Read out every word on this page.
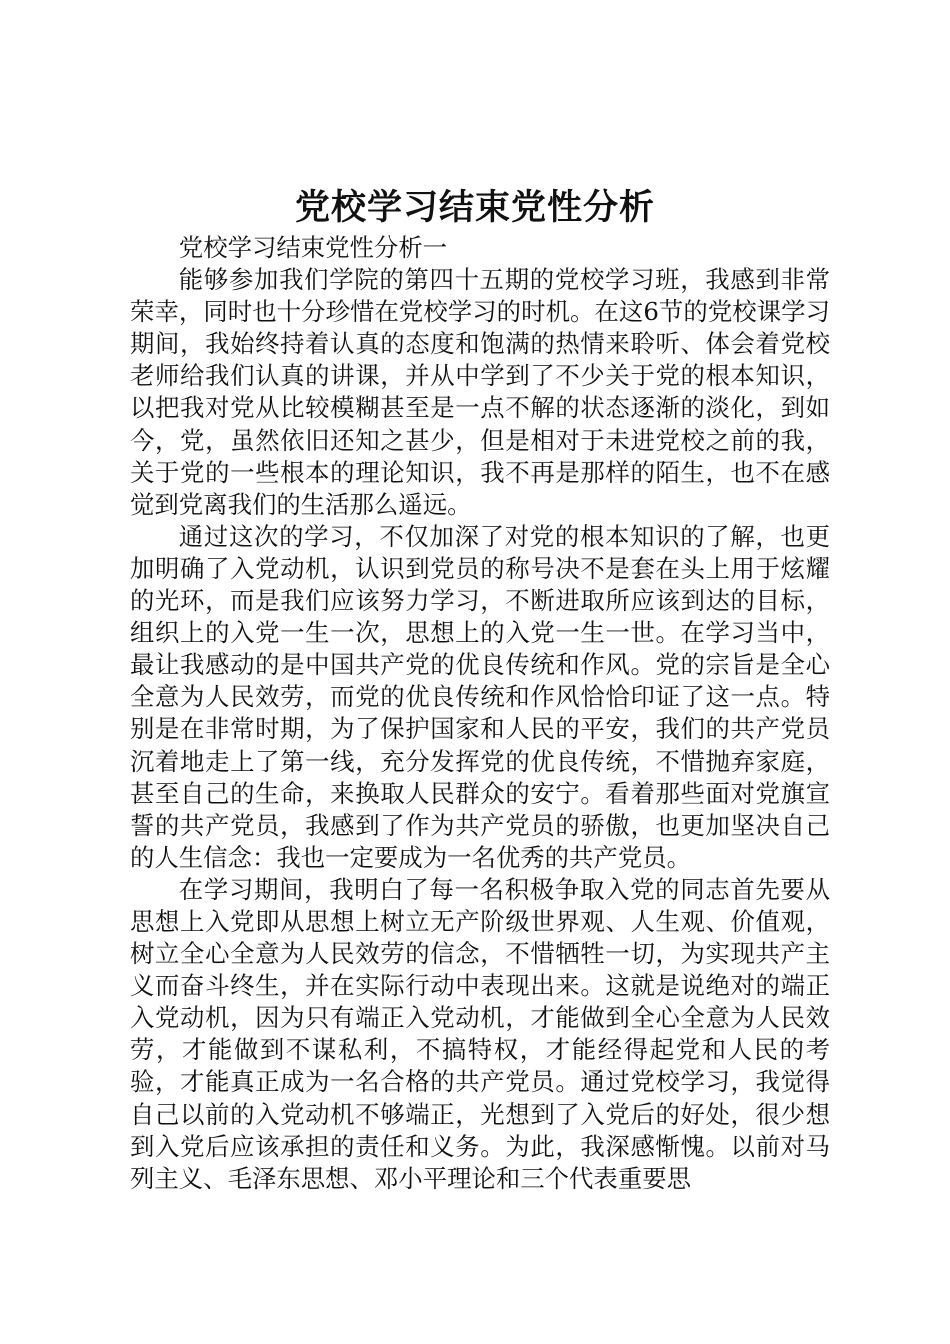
党校学习结束党性分析

党校学习结束党性分析一

能够参加我们学院的第四十五期的党校学习班，我感到非常荣幸，同时也十分珍惜在党校学习的时机。在这6节的党校课学习期间，我始终持着认真的态度和饱满的热情来聆听、体会着党校老师给我们认真的讲课，并从中学到了不少关于党的根本知识，以把我对党从比较模糊甚至是一点不解的状态逐渐的淡化，到如今，党，虽然依旧还知之甚少，但是相对于未进党校之前的我，关于党的一些根本的理论知识，我不再是那样的陌生，也不在感觉到党离我们的生活那么遥远。

通过这次的学习，不仅加深了对党的根本知识的了解，也更加明确了入党动机，认识到党员的称号决不是套在头上用于炫耀的光环，而是我们应该努力学习，不断进取所应该到达的目标，组织上的入党一生一次，思想上的入党一生一世。在学习当中，最让我感动的是中国共产党的优良传统和作风。党的宗旨是全心全意为人民效劳，而党的优良传统和作风恰恰印证了这一点。特别是在非常时期，为了保护国家和人民的平安，我们的共产党员沉着地走上了第一线，充分发挥党的优良传统，不惜抛弃家庭，甚至自己的生命，来换取人民群众的安宁。看着那些面对党旗宣誓的共产党员，我感到了作为共产党员的骄傲，也更加坚决自己的人生信念：我也一定要成为一名优秀的共产党员。

在学习期间，我明白了每一名积极争取入党的同志首先要从思想上入党即从思想上树立无产阶级世界观、人生观、价值观，树立全心全意为人民效劳的信念，不惜牺牲一切，为实现共产主义而奋斗终生，并在实际行动中表现出来。这就是说绝对的端正入党动机，因为只有端正入党动机，才能做到全心全意为人民效劳，才能做到不谋私利，不搞特权，才能经得起党和人民的考验，才能真正成为一名合格的共产党员。通过党校学习，我觉得自己以前的入党动机不够端正，光想到了入党后的好处，很少想到入党后应该承担的责任和义务。为此，我深感惭愧。以前对马列主义、毛泽东思想、邓小平理论和三个代表重要思
